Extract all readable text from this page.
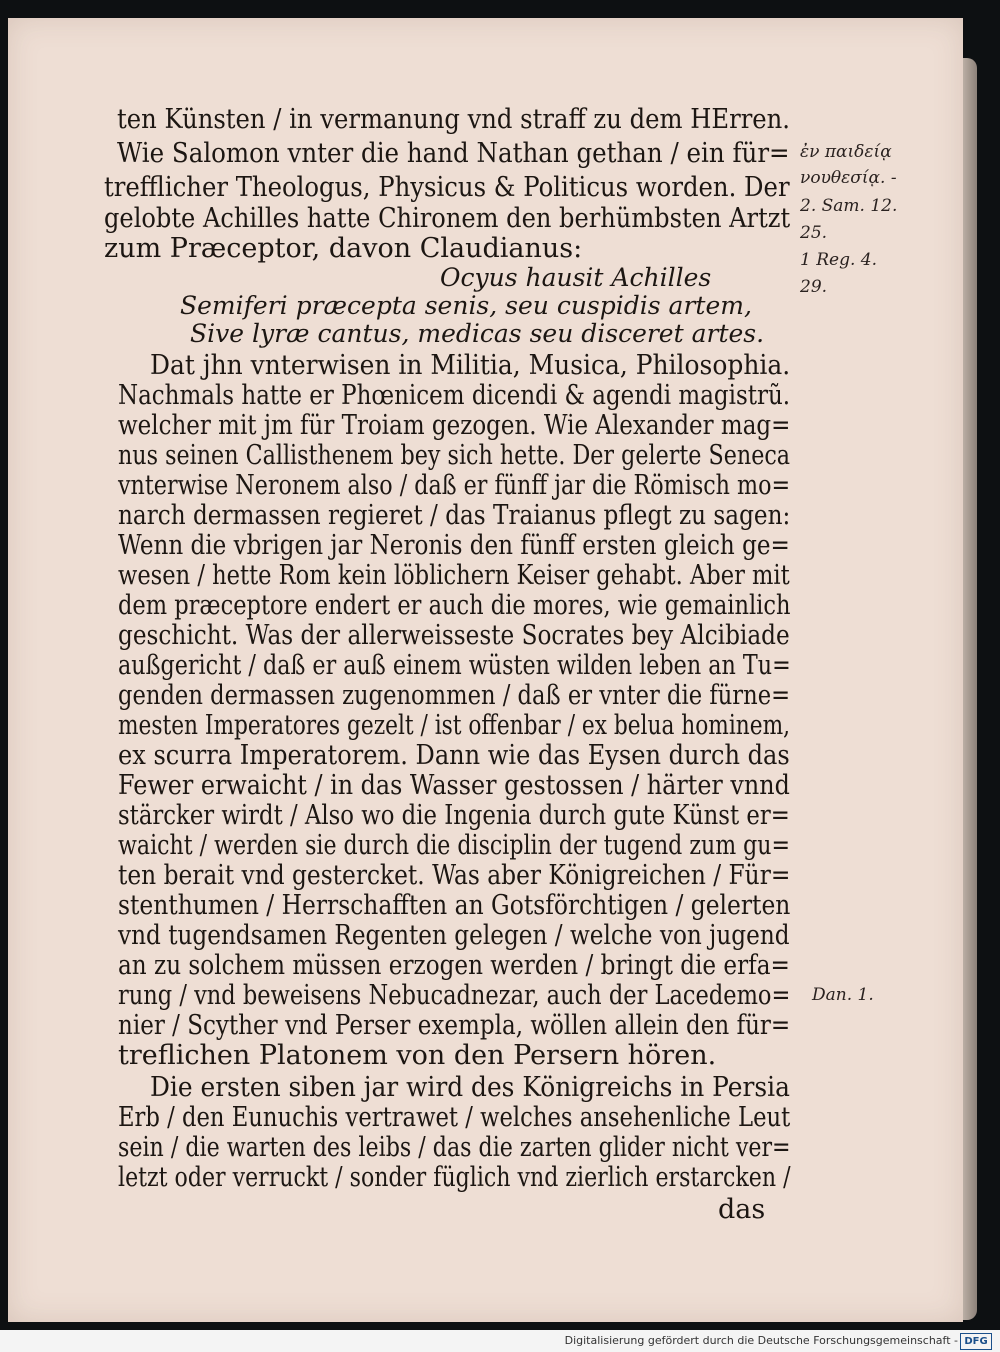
ten Künsten / in vermanung vnd straff zu dem HErren.
Wie Salomon vnter die hand Nathan gethan / ein für=
trefflicher Theologus, Physicus & Politicus worden. Der
gelobte Achilles hatte Chironem den berhümbsten Artzt
zum Præceptor, davon Claudianus:
Ocyus hausit Achilles
Semiferi præcepta senis, seu cuspidis artem,
Sive lyræ cantus, medicas seu disceret artes.
Dat jhn vnterwisen in Militia, Musica, Philosophia.
Nachmals hatte er Phœnicem dicendi & agendi magistrũ.
welcher mit jm für Troiam gezogen. Wie Alexander mag=
nus seinen Callisthenem bey sich hette. Der gelerte Seneca
vnterwise Neronem also / daß er fünff jar die Römisch mo=
narch dermassen regieret / das Traianus pflegt zu sagen:
Wenn die vbrigen jar Neronis den fünff ersten gleich ge=
wesen / hette Rom kein löblichern Keiser gehabt. Aber mit
dem præceptore endert er auch die mores, wie gemainlich
geschicht. Was der allerweisseste Socrates bey Alcibiade
außgericht / daß er auß einem wüsten wilden leben an Tu=
genden dermassen zugenommen / daß er vnter die fürne=
mesten Imperatores gezelt / ist offenbar / ex belua hominem,
ex scurra Imperatorem. Dann wie das Eysen durch das
Fewer erwaicht / in das Wasser gestossen / härter vnnd
stärcker wirdt / Also wo die Ingenia durch gute Künst er=
waicht / werden sie durch die disciplin der tugend zum gu=
ten berait vnd gestercket. Was aber Königreichen / Für=
stenthumen / Herrschafften an Gotsförchtigen / gelerten
vnd tugendsamen Regenten gelegen / welche von jugend
an zu solchem müssen erzogen werden / bringt die erfa=
rung / vnd beweisens Nebucadnezar, auch der Lacedemo=
nier / Scyther vnd Perser exempla, wöllen allein den für=
treflichen Platonem von den Persern hören.
Die ersten siben jar wird des Königreichs in Persia
Erb / den Eunuchis vertrawet / welches ansehenliche Leut
sein / die warten des leibs / das die zarten glider nicht ver=
letzt oder verruckt / sonder füglich vnd zierlich erstarcken /
das
ἐν παιδείᾳ
νουθεσίᾳ. -
2. Sam. 12.
25.
1 Reg. 4.
29.
Dan. 1.
Digitalisierung gefördert durch die Deutsche Forschungsgemeinschaft - DFG
